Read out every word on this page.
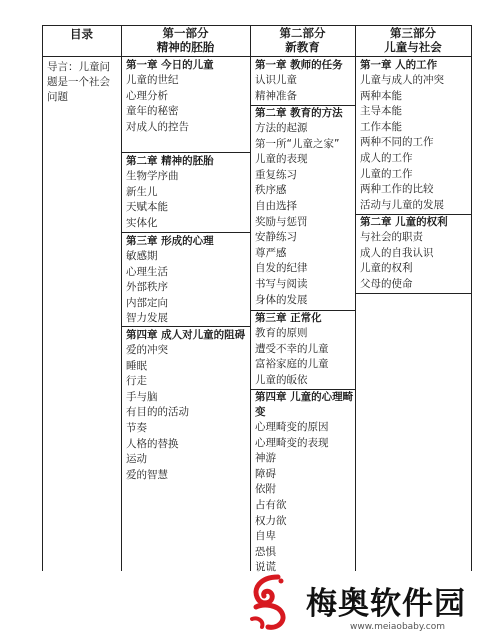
目录	第一部分
精神的胚胎
第二部分
新教育
第三部分
儿童与社会
导言：儿童问题是一个社会问题
第一章 今日的儿童
儿童的世纪
心理分析
童年的秘密
对成人的控告
第二章 精神的胚胎
生物学序曲
新生儿
天赋本能
实体化
第三章 形成的心理
敏感期
心理生活
外部秩序
内部定向
智力发展
第四章 成人对儿童的阻碍
爱的冲突
睡眠
行走
手与脑
有目的的活动
节奏
人格的替换
运动
爱的智慧
第一章 教师的任务
认识儿童
精神准备
第二章 教育的方法
方法的起源
第一所“儿童之家”
儿童的表现
重复练习
秩序感
自由选择
奖励与惩罚
安静练习
尊严感
自发的纪律
书写与阅读
身体的发展
第三章 正常化
教育的原则
遭受不幸的儿童
富裕家庭的儿童
儿童的皈依
第四章 儿童的心理畸变
心理畸变的原因
心理畸变的表现
神游
障碍
依附
占有欲
权力欲
自卑
恐惧
说谎
第一章 人的工作
儿童与成人的冲突
两种本能
主导本能
工作本能
两种不同的工作
成人的工作
儿童的工作
两种工作的比较
活动与儿童的发展
第二章 儿童的权利
与社会的职责
成人的自我认识
儿童的权利
父母的使命
梅奥软件园
www.meiaobaby.com
